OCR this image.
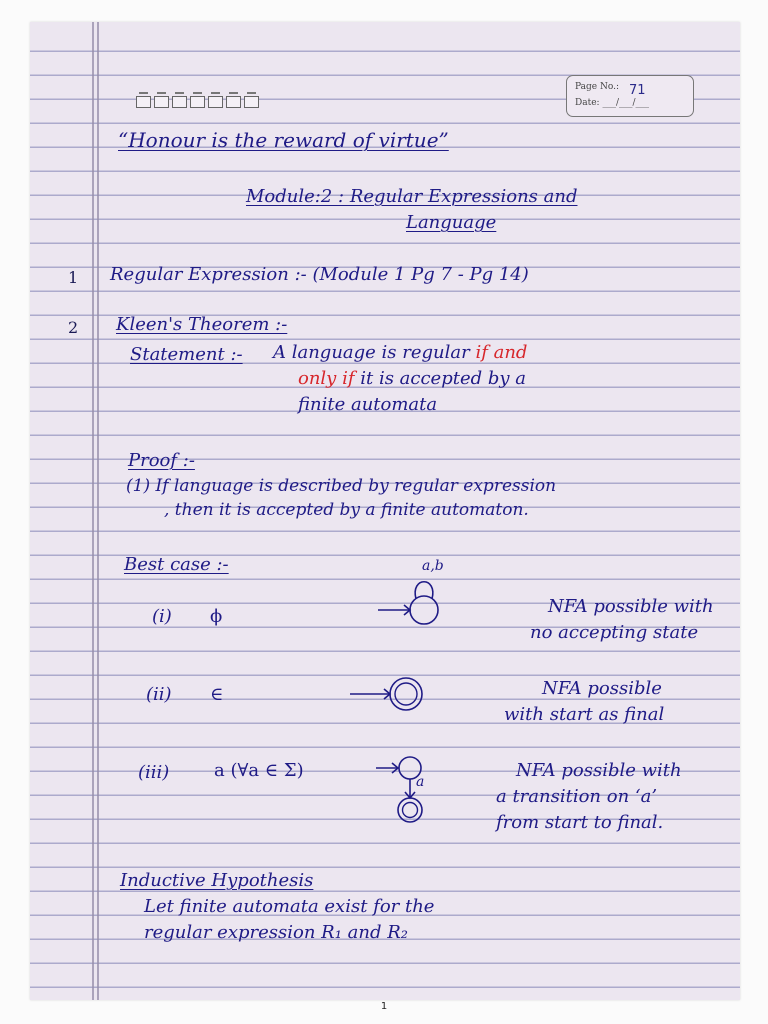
Page No.: 71
Date: ___/___/___
“Honour is the reward of virtue”
Module:2 : Regular Expressions and
Language
1 Regular Expression :- (Module 1 Pg 7 - Pg 14)
2 Kleen's Theorem :-
Statement :- A language is regular if and
only if it is accepted by a
finite automata
Proof :-
(1) If language is described by regular expression
, then it is accepted by a finite automaton.
Best case :-
(i) ϕ
a,b
NFA possible with
no accepting state
(ii) ∈	NFA possible
with start as final
(iii) a (∀a ∈ Σ)
a
NFA possible with
a transition on ‘a’
from start to final.
Inductive Hypothesis
Let finite automata exist for the
regular expression R₁ and R₂
1
